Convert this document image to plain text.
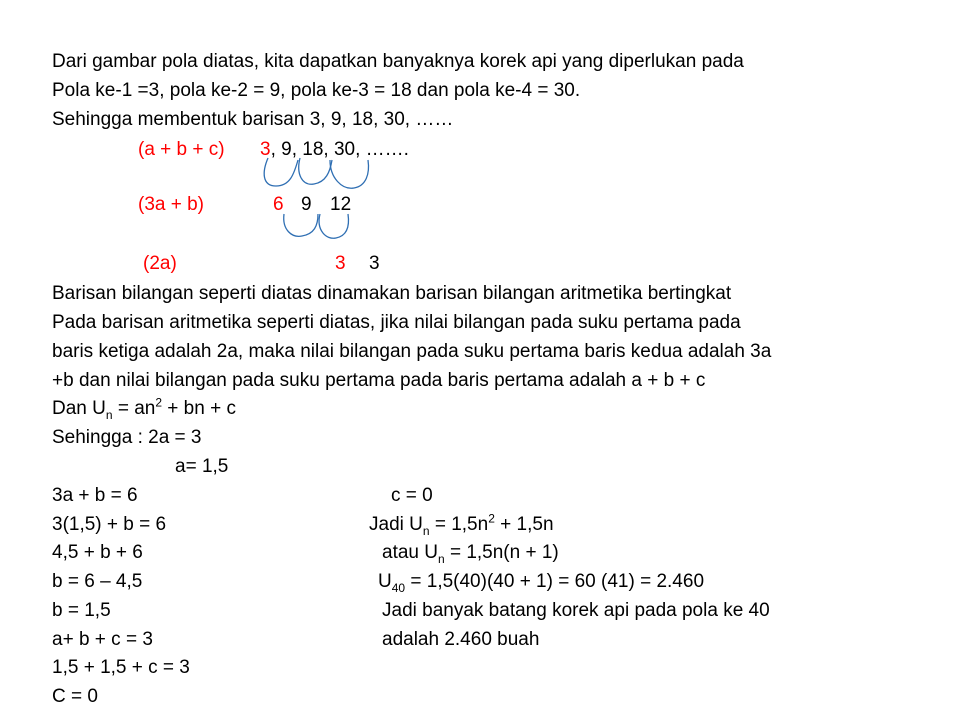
Dari gambar pola diatas, kita dapatkan banyaknya korek api yang diperlukan pada
Pola ke-1 =3, pola ke-2 = 9, pola ke-3 = 18 dan pola ke-4 = 30.
Sehingga membentuk barisan 3, 9, 18, 30, ……
(a + b + c) 3, 9, 18, 30, …….
(3a + b)	6 9 12
(2a)	3 3
Barisan bilangan seperti diatas dinamakan barisan bilangan aritmetika bertingkat
Pada barisan aritmetika seperti diatas, jika nilai bilangan pada suku pertama pada
baris ketiga adalah 2a, maka nilai bilangan pada suku pertama baris kedua adalah 3a
+b dan nilai bilangan pada suku pertama pada baris pertama adalah a + b + c
Dan $U_n = an^2$ + bn + c
Sehingga : 2a = 3
a= 1,5
3a + b = 6
3(1,5) + b = 6
4,5 + b + 6
b = 6 – 4,5
b = 1,5
a+ b + c = 3
1,5 + 1,5 + c = 3
C = 0
c = 0
Jadi $U_n = 1,5n^2 + 1,5n$
atau $U_n = 1,5n(n + 1)$
$U_{40} = 1,5(40)(40 + 1) = 60$ (41) = 2.460
Jadi banyak batang korek api pada pola ke 40
adalah 2.460 buah
